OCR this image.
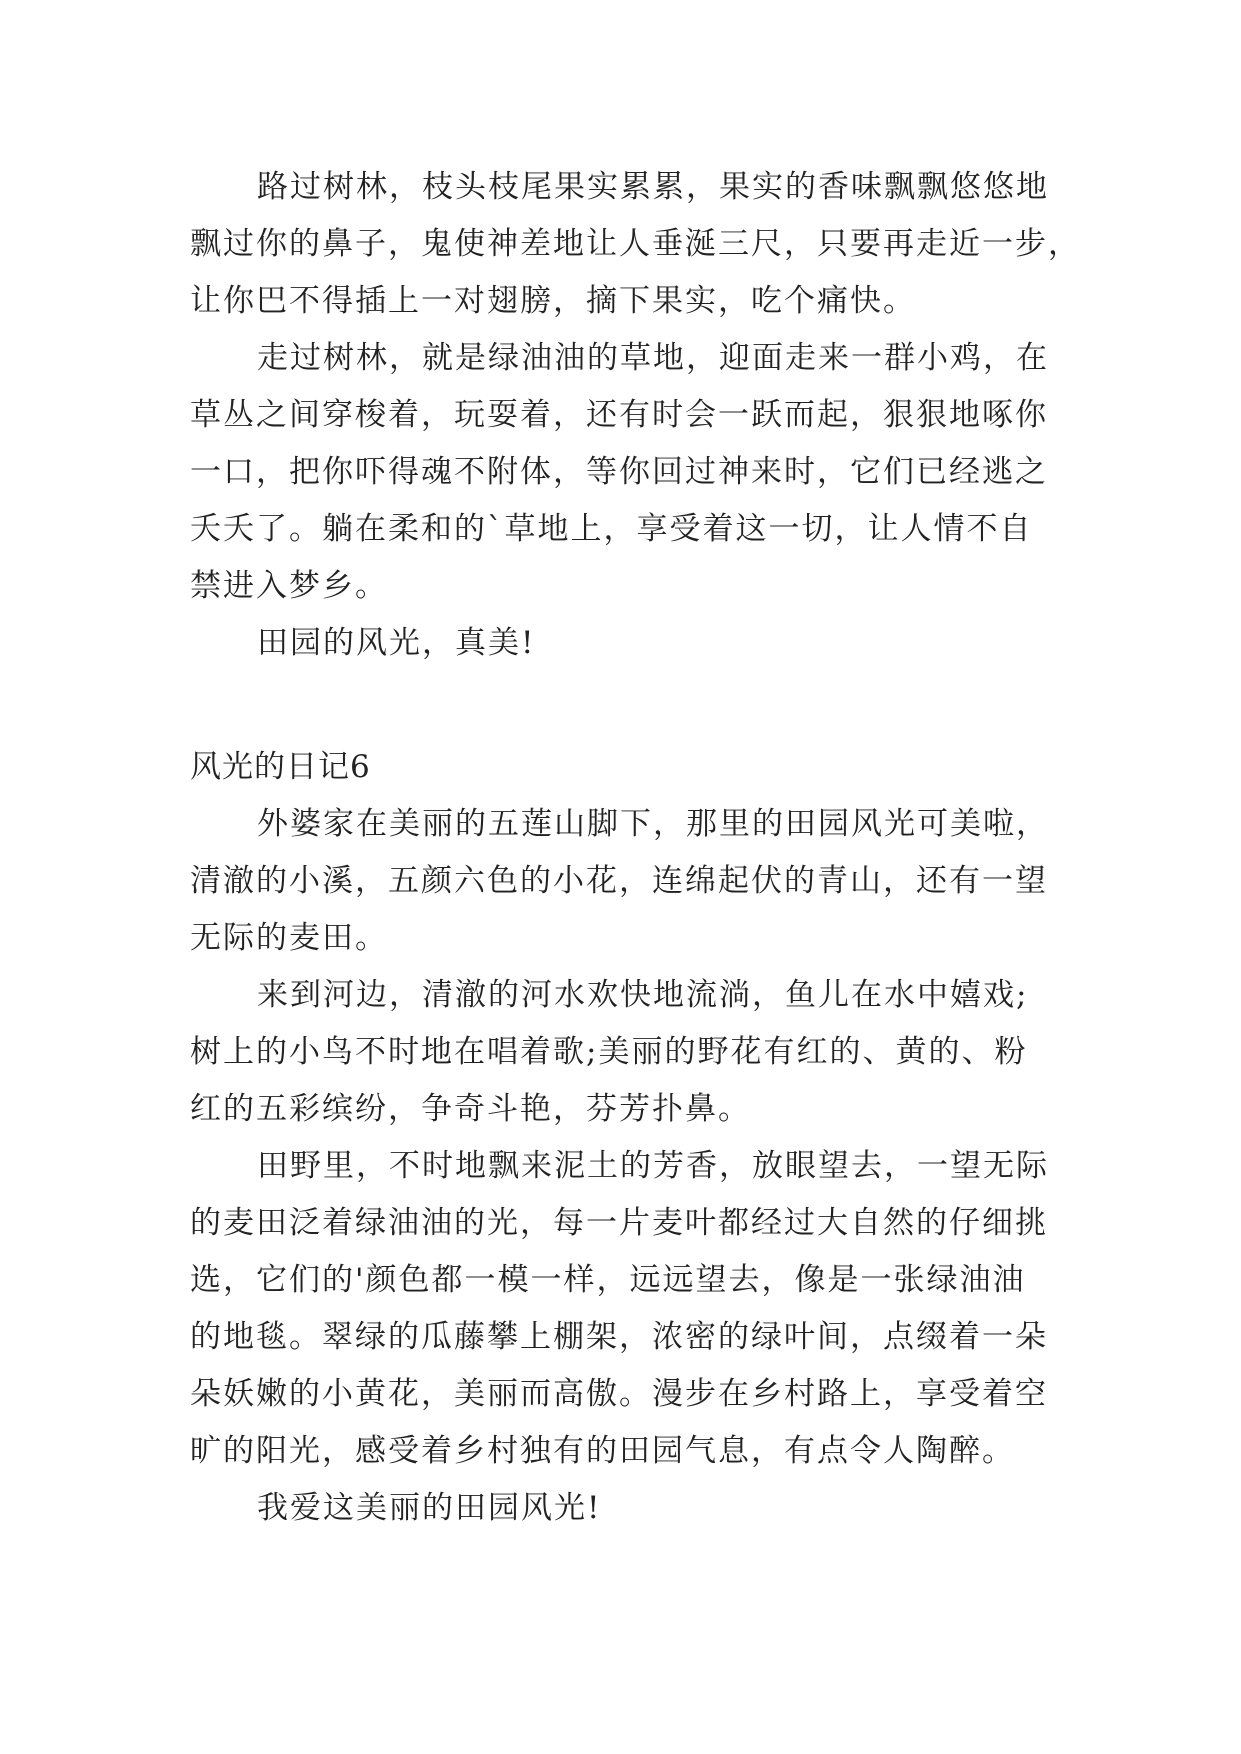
路过树林，枝头枝尾果实累累，果实的香味飘飘悠悠地
飘过你的鼻子，鬼使神差地让人垂涎三尺，只要再走近一步，
让你巴不得插上一对翅膀，摘下果实，吃个痛快。
走过树林，就是绿油油的草地，迎面走来一群小鸡，在
草丛之间穿梭着，玩耍着，还有时会一跃而起，狠狠地啄你
一口，把你吓得魂不附体，等你回过神来时，它们已经逃之
夭夭了。躺在柔和的`草地上，享受着这一切，让人情不自
禁进入梦乡。
田园的风光，真美!
风光的日记6
外婆家在美丽的五莲山脚下，那里的田园风光可美啦，
清澈的小溪，五颜六色的小花，连绵起伏的青山，还有一望
无际的麦田。
来到河边，清澈的河水欢快地流淌，鱼儿在水中嬉戏;
树上的小鸟不时地在唱着歌;美丽的野花有红的、黄的、粉
红的五彩缤纷，争奇斗艳，芬芳扑鼻。
田野里，不时地飘来泥土的芳香，放眼望去，一望无际
的麦田泛着绿油油的光，每一片麦叶都经过大自然的仔细挑
选，它们的'颜色都一模一样，远远望去，像是一张绿油油
的地毯。翠绿的瓜藤攀上棚架，浓密的绿叶间，点缀着一朵
朵妖嫩的小黄花，美丽而高傲。漫步在乡村路上，享受着空
旷的阳光，感受着乡村独有的田园气息，有点令人陶醉。
我爱这美丽的田园风光!
